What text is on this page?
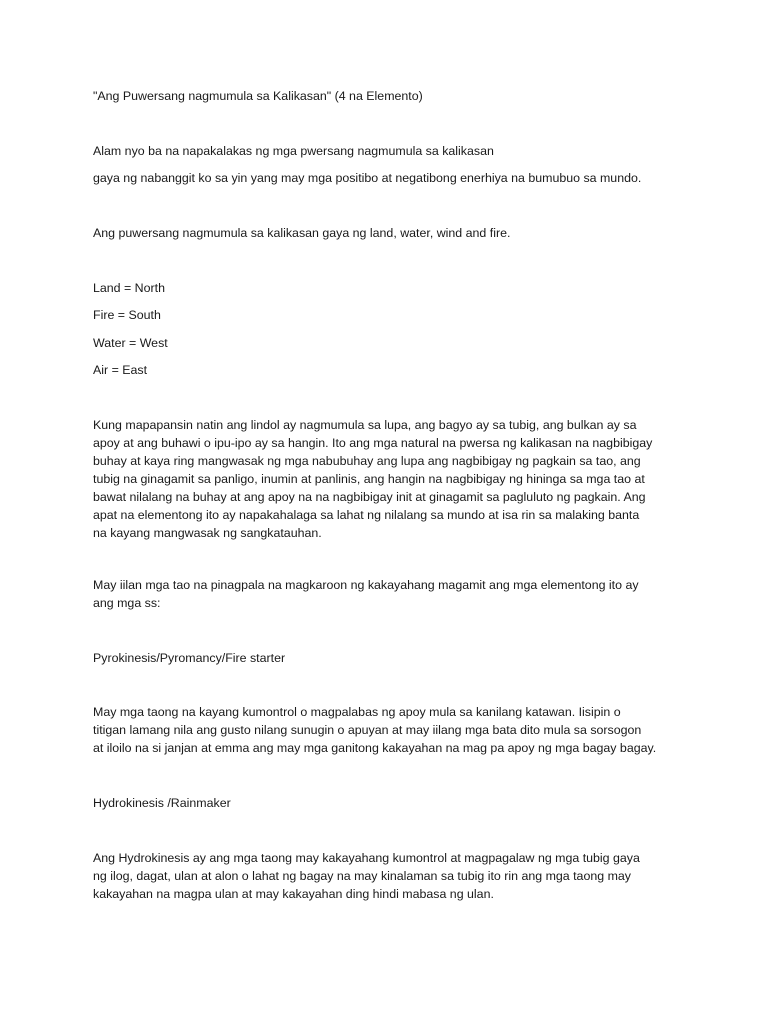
"Ang Puwersang nagmumula sa Kalikasan" (4 na Elemento)

Alam nyo ba na napakalakas ng mga pwersang nagmumula sa kalikasan

gaya ng nabanggit ko sa yin yang may mga positibo at negatibong enerhiya na bumubuo sa mundo.

Ang puwersang nagmumula sa kalikasan gaya ng land, water, wind and fire.

Land = North

Fire = South

Water = West

Air = East

Kung mapapansin natin ang lindol ay nagmumula sa lupa, ang bagyo ay sa tubig, ang bulkan ay sa

apoy at ang buhawi o ipu-ipo ay sa hangin. Ito ang mga natural na pwersa ng kalikasan na nagbibigay

buhay at kaya ring mangwasak ng mga nabubuhay ang lupa ang nagbibigay ng pagkain sa tao, ang

tubig na ginagamit sa panligo, inumin at panlinis, ang hangin na nagbibigay ng hininga sa mga tao at

bawat nilalang na buhay at ang apoy na na nagbibigay init at ginagamit sa pagluluto ng pagkain. Ang

apat na elementong ito ay napakahalaga sa lahat ng nilalang sa mundo at isa rin sa malaking banta

na kayang mangwasak ng sangkatauhan.

May iilan mga tao na pinagpala na magkaroon ng kakayahang magamit ang mga elementong ito ay

ang mga ss:

Pyrokinesis/Pyromancy/Fire starter

May mga taong na kayang kumontrol o magpalabas ng apoy mula sa kanilang katawan. Iisipin o

titigan lamang nila ang gusto nilang sunugin o apuyan at may iilang mga bata dito mula sa sorsogon

at iloilo na si janjan at emma ang may mga ganitong kakayahan na mag pa apoy ng mga bagay bagay.

Hydrokinesis /Rainmaker

Ang Hydrokinesis ay ang mga taong may kakayahang kumontrol at magpagalaw ng mga tubig gaya

ng ilog, dagat, ulan at alon o lahat ng bagay na may kinalaman sa tubig ito rin ang mga taong may

kakayahan na magpa ulan at may kakayahan ding hindi mabasa ng ulan.
